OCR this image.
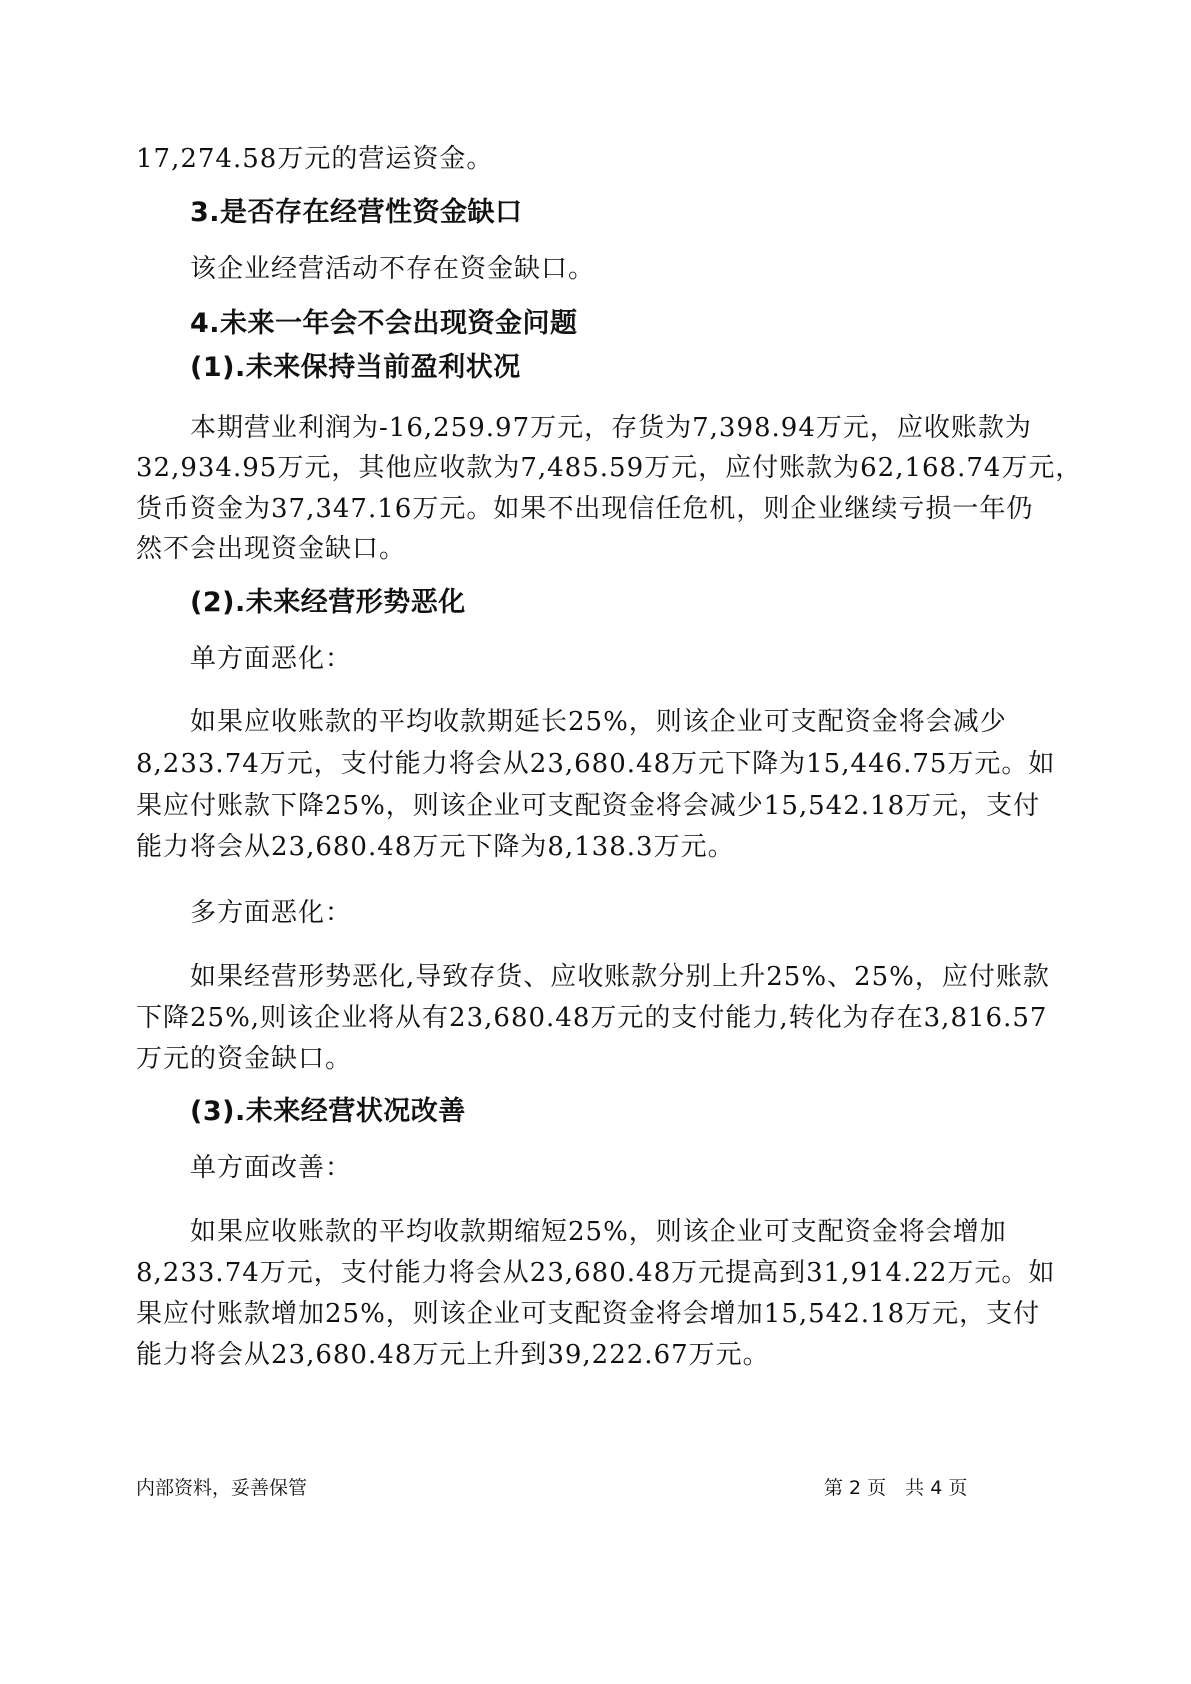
17,274.58万元的营运资金。
3.是否存在经营性资金缺口
该企业经营活动不存在资金缺口。
4.未来一年会不会出现资金问题
(1).未来保持当前盈利状况
本期营业利润为-16,259.97万元，存货为7,398.94万元，应收账款为
32,934.95万元，其他应收款为7,485.59万元，应付账款为62,168.74万元，
货币资金为37,347.16万元。如果不出现信任危机，则企业继续亏损一年仍
然不会出现资金缺口。
(2).未来经营形势恶化
单方面恶化：
如果应收账款的平均收款期延长25%，则该企业可支配资金将会减少
8,233.74万元，支付能力将会从23,680.48万元下降为15,446.75万元。如
果应付账款下降25%，则该企业可支配资金将会减少15,542.18万元，支付
能力将会从23,680.48万元下降为8,138.3万元。
多方面恶化：
如果经营形势恶化,导致存货、应收账款分别上升25%、25%，应付账款
下降25%,则该企业将从有23,680.48万元的支付能力,转化为存在3,816.57
万元的资金缺口。
(3).未来经营状况改善
单方面改善：
如果应收账款的平均收款期缩短25%，则该企业可支配资金将会增加
8,233.74万元，支付能力将会从23,680.48万元提高到31,914.22万元。如
果应付账款增加25%，则该企业可支配资金将会增加15,542.18万元，支付
能力将会从23,680.48万元上升到39,222.67万元。
内部资料，妥善保管	第 2 页　共 4 页
